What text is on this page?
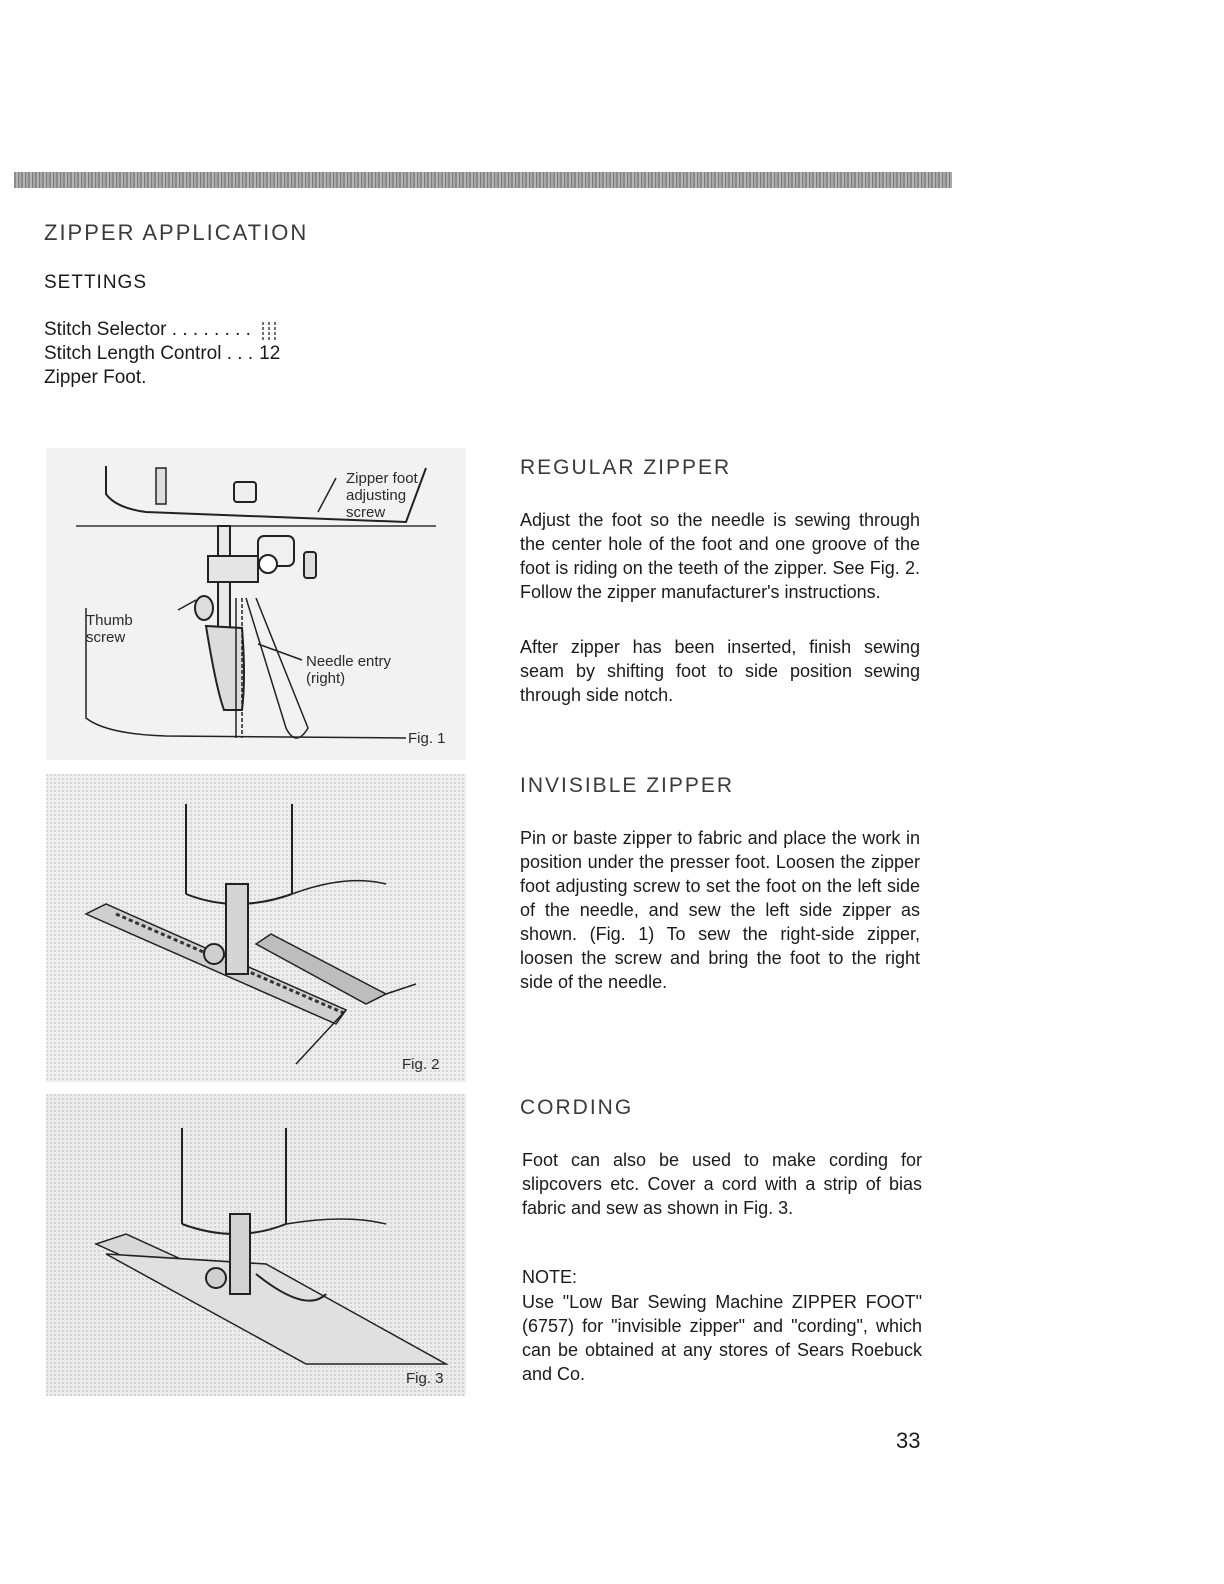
ZIPPER APPLICATION
SETTINGS
Stitch Selector . . . . . . . .
Stitch Length Control . . . 12
Zipper Foot.
Zipper foot
adjusting
screw
Thumb
screw
Needle entry
(right)
Fig. 1
Fig. 2
Fig. 3
REGULAR ZIPPER

Adjust the foot so the needle is sewing through the center hole of the foot and one groove of the foot is riding on the teeth of the zipper. See Fig. 2. Follow the zipper manufacturer's instructions.

After zipper has been inserted, finish sewing seam by shifting foot to side position sewing through side notch.

INVISIBLE ZIPPER

Pin or baste zipper to fabric and place the work in position under the presser foot. Loosen the zipper foot adjusting screw to set the foot on the left side of the needle, and sew the left side zipper as shown. (Fig. 1) To sew the right-side zipper, loosen the screw and bring the foot to the right side of the needle.

CORDING

Foot can also be used to make cording for slipcovers etc. Cover a cord with a strip of bias fabric and sew as shown in Fig. 3.

NOTE:

Use "Low Bar Sewing Machine ZIPPER FOOT" (6757) for "invisible zipper" and "cording", which can be obtained at any stores of Sears Roebuck and Co.

33
